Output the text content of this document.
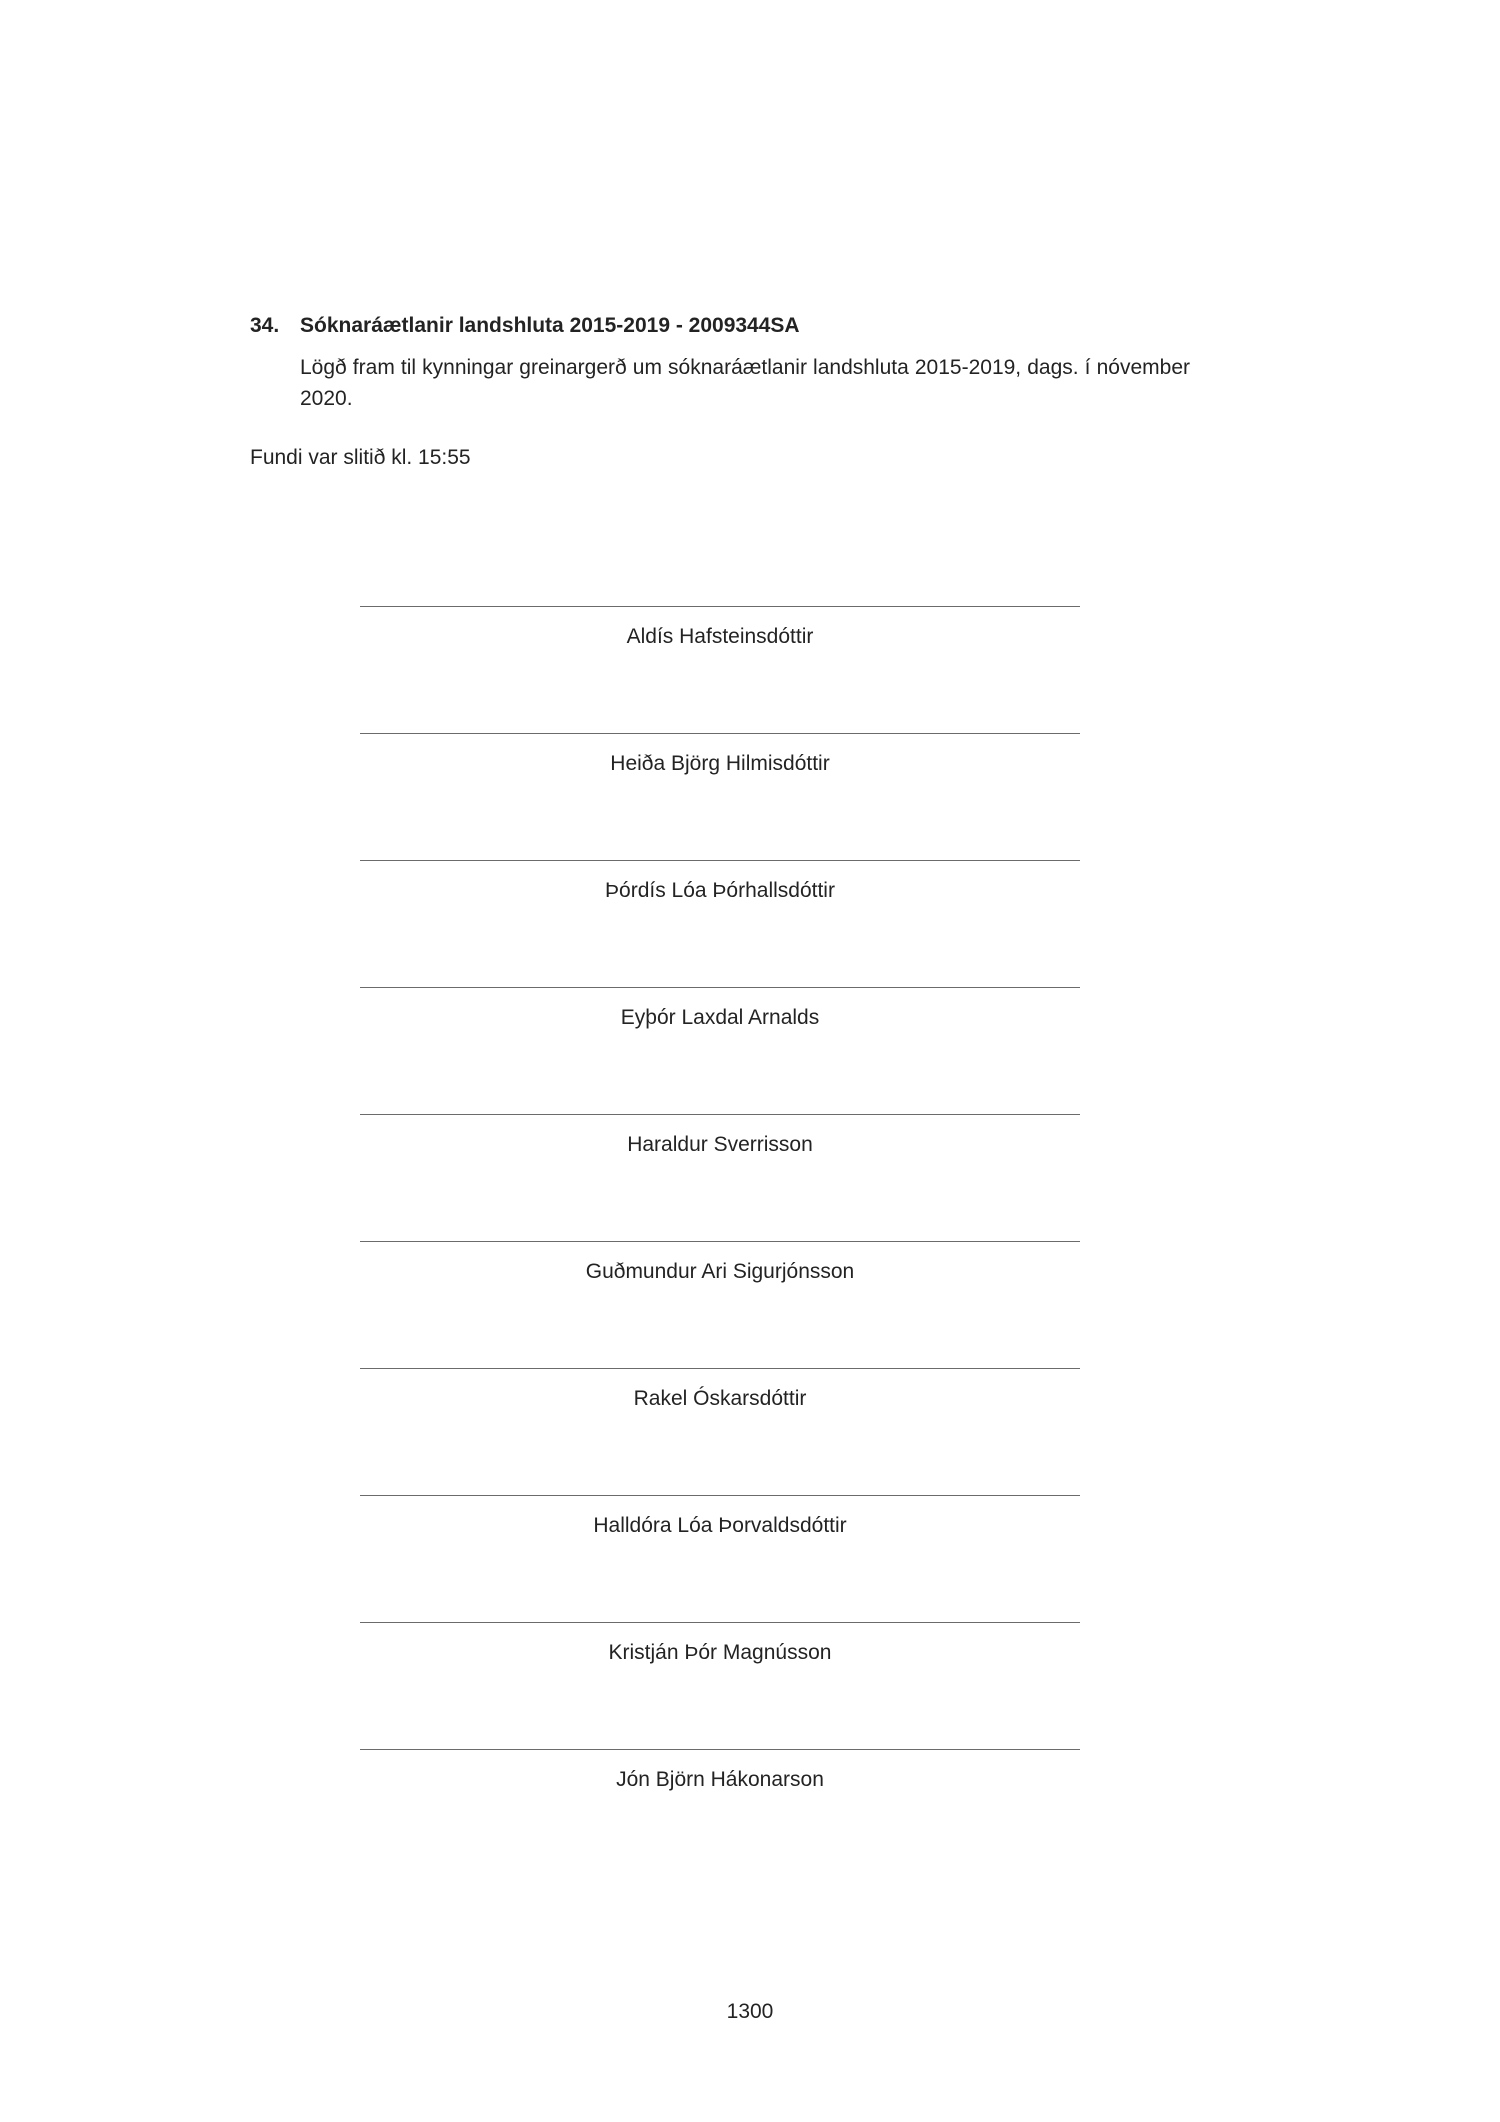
34. Sóknaráætlanir landshluta 2015-2019 - 2009344SA

Lögð fram til kynningar greinargerð um sóknaráætlanir landshluta 2015-2019, dags. í nóvember 2020.

Fundi var slitið kl. 15:55

Aldís Hafsteinsdóttir
Heiða Björg Hilmisdóttir
Þórdís Lóa Þórhallsdóttir
Eyþór Laxdal Arnalds
Haraldur Sverrisson
Guðmundur Ari Sigurjónsson
Rakel Óskarsdóttir
Halldóra Lóa Þorvaldsdóttir
Kristján Þór Magnússon
Jón Björn Hákonarson
1300
